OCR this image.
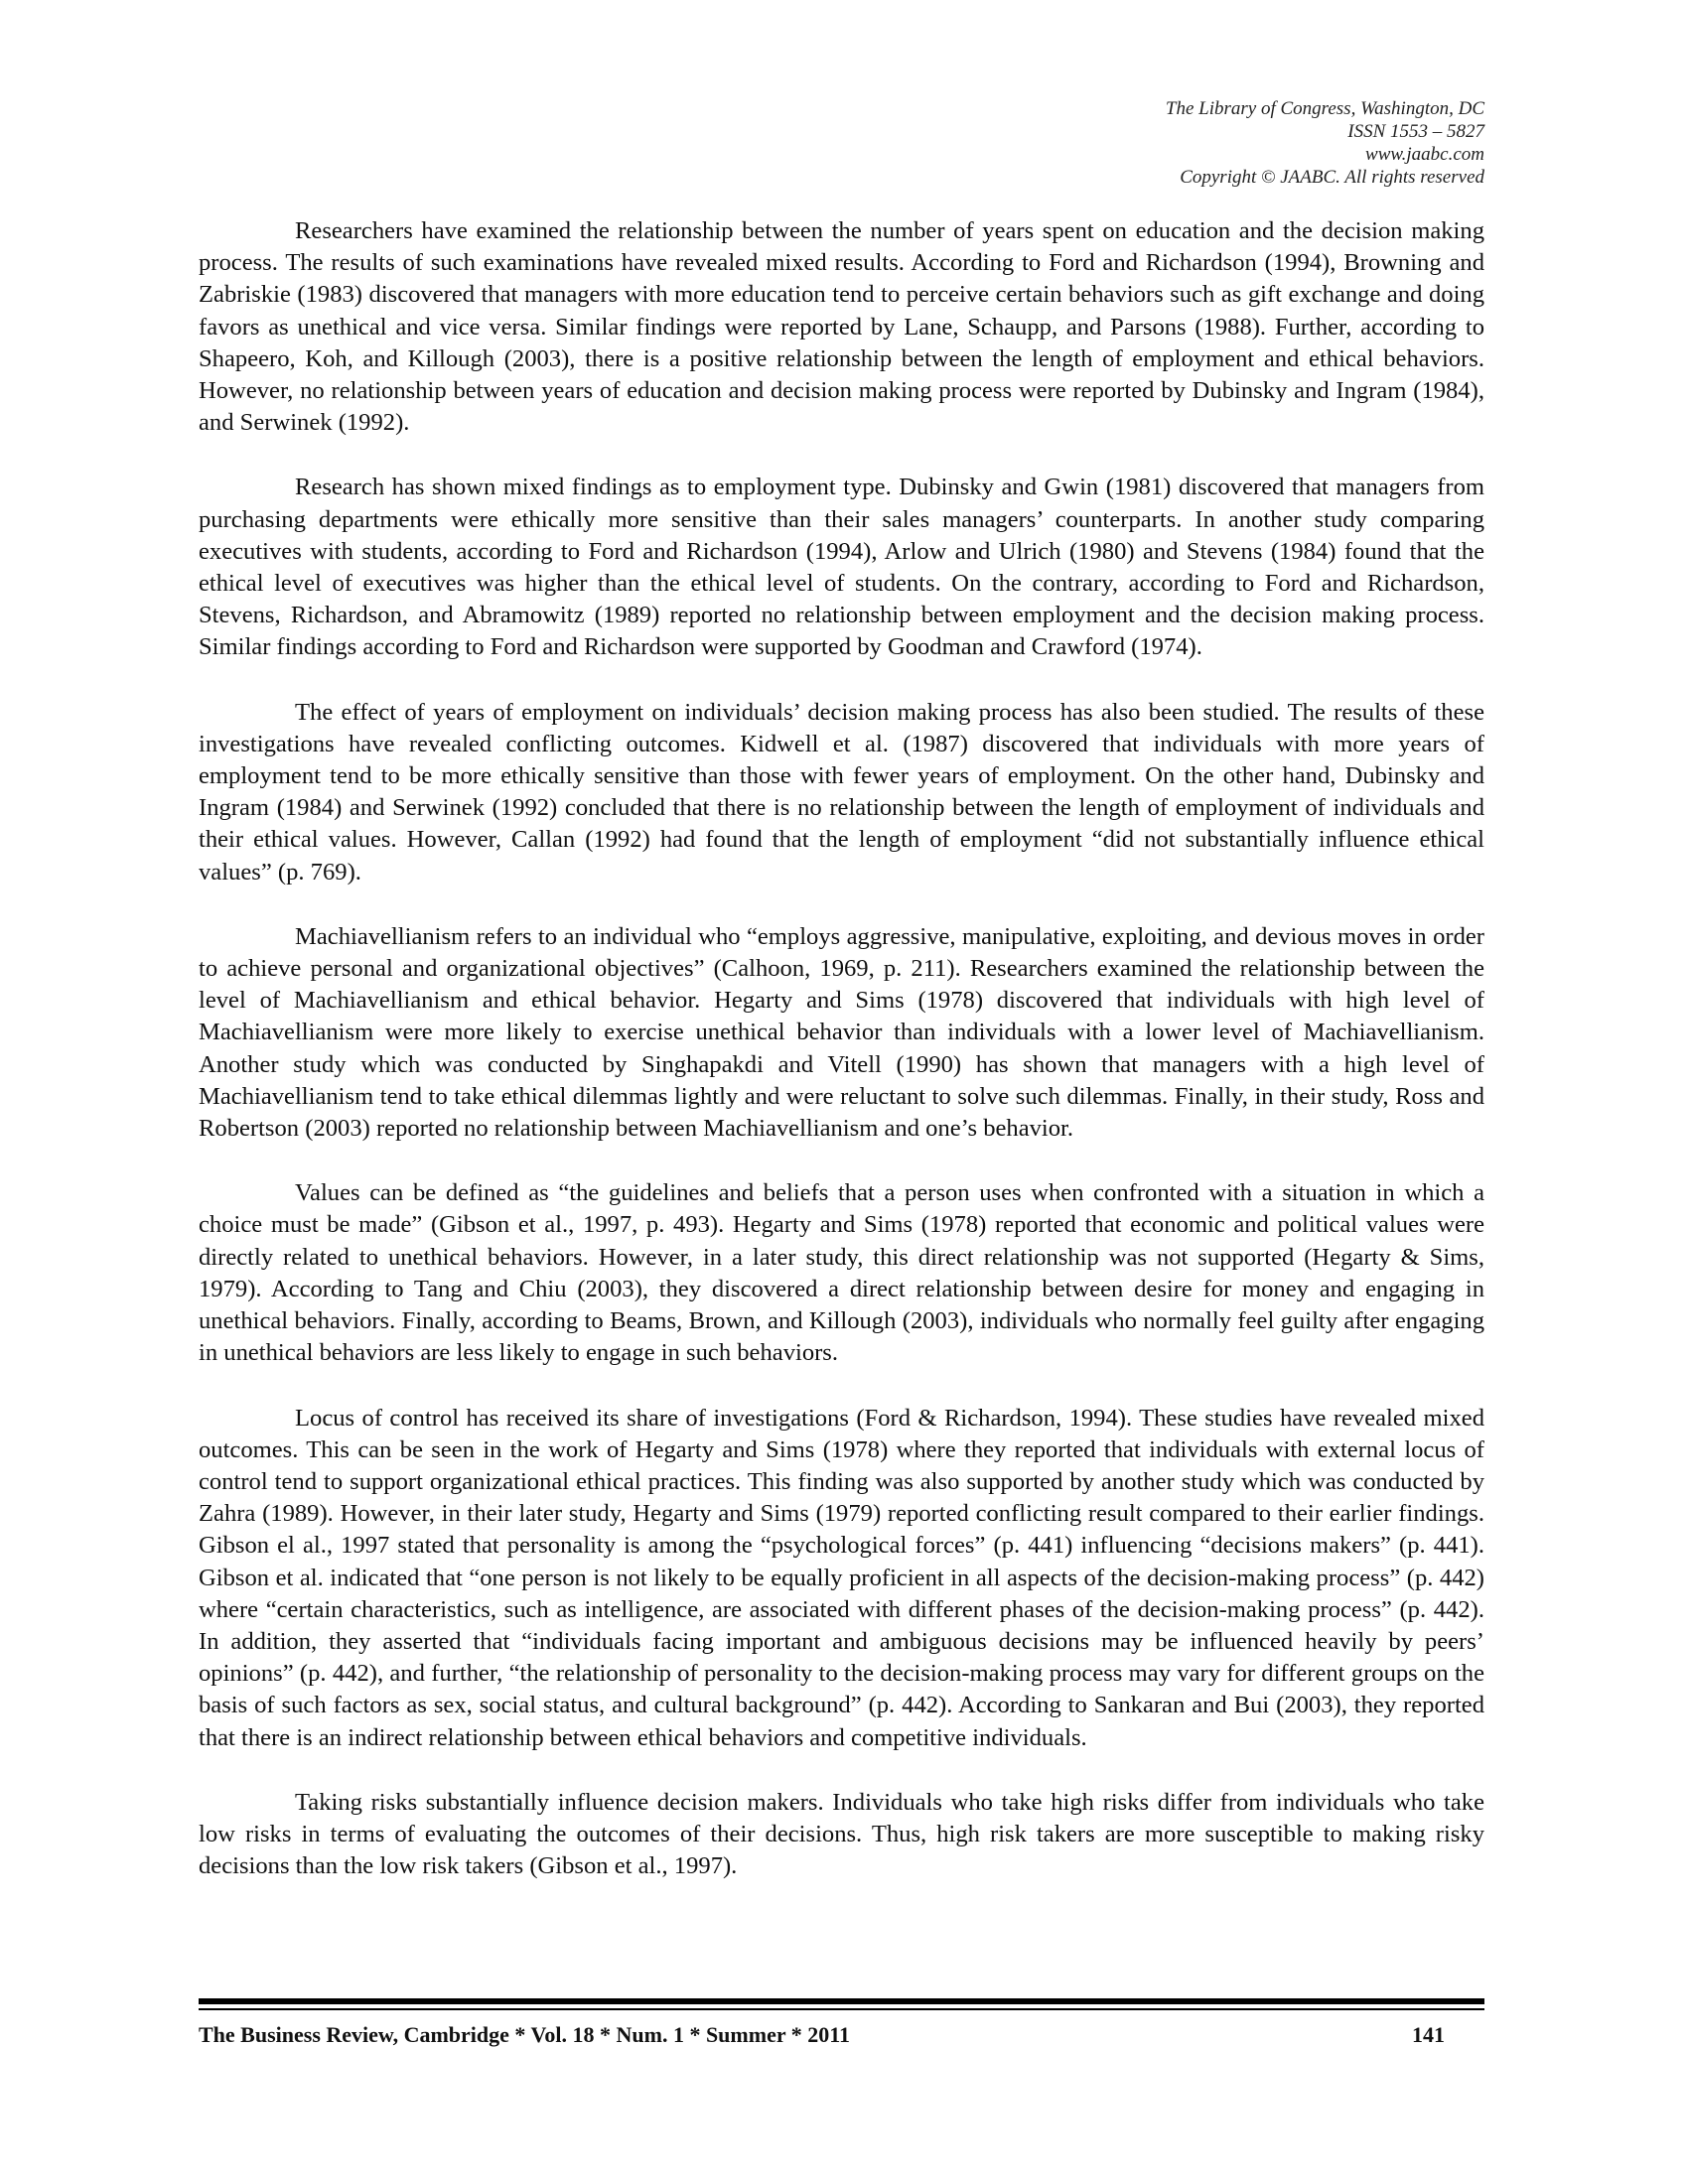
The Library of Congress, Washington, DC
ISSN 1553 – 5827
www.jaabc.com
Copyright © JAABC. All rights reserved

Researchers have examined the relationship between the number of years spent on education and the decision making process. The results of such examinations have revealed mixed results. According to Ford and Richardson (1994), Browning and Zabriskie (1983) discovered that managers with more education tend to perceive certain behaviors such as gift exchange and doing favors as unethical and vice versa. Similar findings were reported by Lane, Schaupp, and Parsons (1988). Further, according to Shapeero, Koh, and Killough (2003), there is a positive relationship between the length of employment and ethical behaviors. However, no relationship between years of education and decision making process were reported by Dubinsky and Ingram (1984), and Serwinek (1992).

Research has shown mixed findings as to employment type. Dubinsky and Gwin (1981) discovered that managers from purchasing departments were ethically more sensitive than their sales managers’ counterparts. In another study comparing executives with students, according to Ford and Richardson (1994), Arlow and Ulrich (1980) and Stevens (1984) found that the ethical level of executives was higher than the ethical level of students. On the contrary, according to Ford and Richardson, Stevens, Richardson, and Abramowitz (1989) reported no relationship between employment and the decision making process. Similar findings according to Ford and Richardson were supported by Goodman and Crawford (1974).

The effect of years of employment on individuals’ decision making process has also been studied. The results of these investigations have revealed conflicting outcomes. Kidwell et al. (1987) discovered that individuals with more years of employment tend to be more ethically sensitive than those with fewer years of employment. On the other hand, Dubinsky and Ingram (1984) and Serwinek (1992) concluded that there is no relationship between the length of employment of individuals and their ethical values. However, Callan (1992) had found that the length of employment “did not substantially influence ethical values” (p. 769).

Machiavellianism refers to an individual who “employs aggressive, manipulative, exploiting, and devious moves in order to achieve personal and organizational objectives” (Calhoon, 1969, p. 211). Researchers examined the relationship between the level of Machiavellianism and ethical behavior. Hegarty and Sims (1978) discovered that individuals with high level of Machiavellianism were more likely to exercise unethical behavior than individuals with a lower level of Machiavellianism. Another study which was conducted by Singhapakdi and Vitell (1990) has shown that managers with a high level of Machiavellianism tend to take ethical dilemmas lightly and were reluctant to solve such dilemmas. Finally, in their study, Ross and Robertson (2003) reported no relationship between Machiavellianism and one’s behavior.

Values can be defined as “the guidelines and beliefs that a person uses when confronted with a situation in which a choice must be made” (Gibson et al., 1997, p. 493). Hegarty and Sims (1978) reported that economic and political values were directly related to unethical behaviors. However, in a later study, this direct relationship was not supported (Hegarty & Sims, 1979). According to Tang and Chiu (2003), they discovered a direct relationship between desire for money and engaging in unethical behaviors. Finally, according to Beams, Brown, and Killough (2003), individuals who normally feel guilty after engaging in unethical behaviors are less likely to engage in such behaviors.

Locus of control has received its share of investigations (Ford & Richardson, 1994). These studies have revealed mixed outcomes. This can be seen in the work of Hegarty and Sims (1978) where they reported that individuals with external locus of control tend to support organizational ethical practices. This finding was also supported by another study which was conducted by Zahra (1989). However, in their later study, Hegarty and Sims (1979) reported conflicting result compared to their earlier findings. Gibson el al., 1997 stated that personality is among the “psychological forces” (p. 441) influencing “decisions makers” (p. 441). Gibson et al. indicated that “one person is not likely to be equally proficient in all aspects of the decision-making process” (p. 442) where “certain characteristics, such as intelligence, are associated with different phases of the decision-making process” (p. 442). In addition, they asserted that “individuals facing important and ambiguous decisions may be influenced heavily by peers’ opinions” (p. 442), and further, “the relationship of personality to the decision-making process may vary for different groups on the basis of such factors as sex, social status, and cultural background” (p. 442). According to Sankaran and Bui (2003), they reported that there is an indirect relationship between ethical behaviors and competitive individuals.

Taking risks substantially influence decision makers. Individuals who take high risks differ from individuals who take low risks in terms of evaluating the outcomes of their decisions. Thus, high risk takers are more susceptible to making risky decisions than the low risk takers (Gibson et al., 1997).

The Business Review, Cambridge * Vol. 18 * Num. 1 * Summer * 2011	141
